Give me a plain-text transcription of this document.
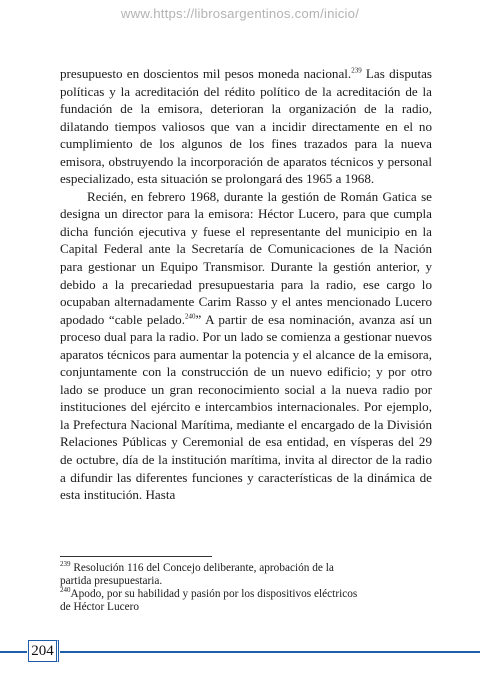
www.https://librosargentinos.com/inicio/

presupuesto en doscientos mil pesos moneda nacional.$^{239}$ Las disputas políticas y la acreditación del rédito político de la acreditación de la fundación de la emisora, deterioran la organización de la radio, dilatando tiempos valiosos que van a incidir directamente en el no cumplimiento de los algunos de los fines trazados para la nueva emisora, obstruyendo la incorporación de aparatos técnicos y personal especializado, esta situación se prolongará des 1965 a 1968.

Recién, en febrero 1968, durante la gestión de Román Gatica se designa un director para la emisora: Héctor Lucero, para que cumpla dicha función ejecutiva y fuese el representante del municipio en la Capital Federal ante la Secretaría de Comunicaciones de la Nación para gestionar un Equipo Transmisor. Durante la gestión anterior, y debido a la precariedad presupuestaria para la radio, ese cargo lo ocupaban alternadamente Carim Rasso y el antes mencionado Lucero apodado “cable pelado.$^{240}$” A partir de esa nominación, avanza así un proceso dual para la radio. Por un lado se comienza a gestionar nuevos aparatos técnicos para aumentar la potencia y el alcance de la emisora, conjuntamente con la construcción de un nuevo edificio; y por otro lado se produce un gran reconocimiento social a la nueva radio por instituciones del ejército e intercambios internacionales. Por ejemplo, la Prefectura Nacional Marítima, mediante el encargado de la División Relaciones Públicas y Ceremonial de esa entidad, en vísperas del 29 de octubre, día de la institución marítima, invita al director de la radio a difundir las diferentes funciones y características de la dinámica de esta institución. Hasta

$^{239}$ Resolución 116 del Concejo deliberante, aprobación de la partida presupuestaria.

$^{240}$Apodo, por su habilidad y pasión por los dispositivos eléctricos de Héctor Lucero

204
